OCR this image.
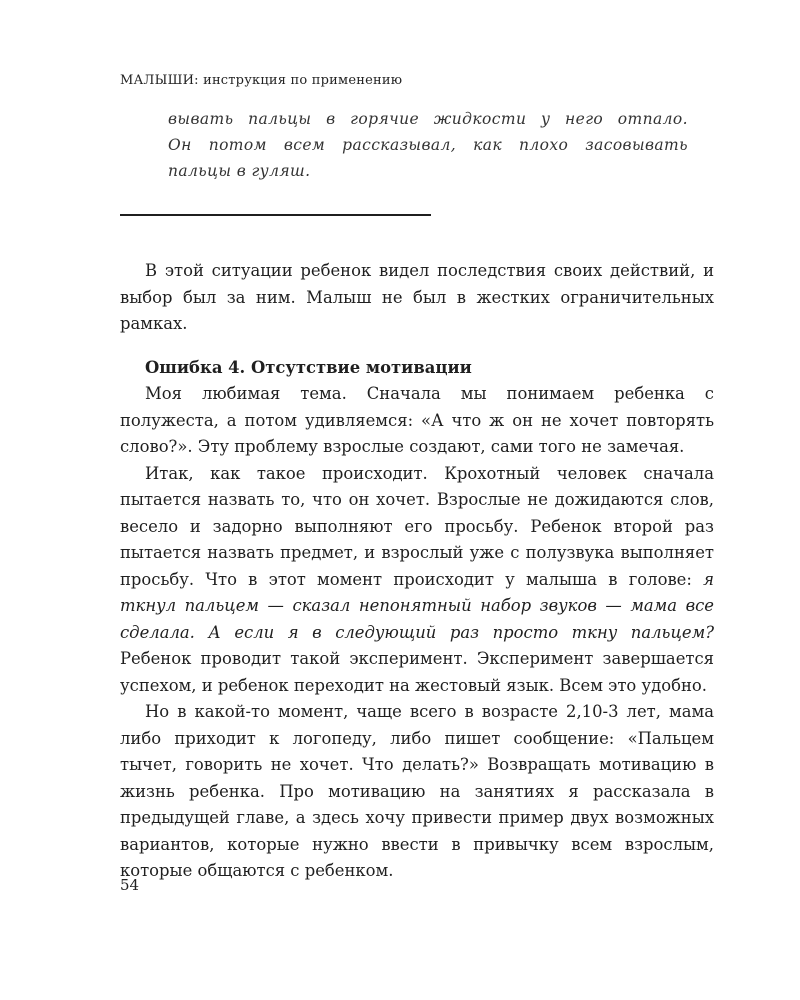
МАЛЫШИ: инструкция по применению

вывать пальцы в горячие жидкости у него отпало.

Он потом всем рассказывал, как плохо засовывать

пальцы в гуляш.

В этой ситуации ребенок видел последствия своих действий, и выбор был за ним. Малыш не был в жестких ограничительных рамках.

Ошибка 4. Отсутствие мотивации

Моя любимая тема. Сначала мы понимаем ребенка с полужеста, а потом удивляемся: «А что ж он не хочет повторять слово?». Эту проблему взрослые создают, сами того не замечая.

Итак, как такое происходит. Крохотный человек сначала пытается назвать то, что он хочет. Взрослые не дожидаются слов, весело и задорно выполняют его просьбу. Ребенок второй раз пытается назвать предмет, и взрослый уже с полузвука выполняет просьбу. Что в этот момент происходит у малыша в голове: я ткнул пальцем — сказал непонятный набор звуков — мама все сделала. А если я в следующий раз просто ткну пальцем? Ребенок проводит такой эксперимент. Эксперимент завершается успехом, и ребенок переходит на жестовый язык. Всем это удобно.

Но в какой-то момент, чаще всего в возрасте 2,10-3 лет, мама либо приходит к логопеду, либо пишет сообщение: «Пальцем тычет, говорить не хочет. Что делать?» Возвращать мотивацию в жизнь ребенка. Про мотивацию на занятиях я рассказала в предыдущей главе, а здесь хочу привести пример двух возможных вариантов, которые нужно ввести в привычку всем взрослым, которые общаются с ребенком.

54
